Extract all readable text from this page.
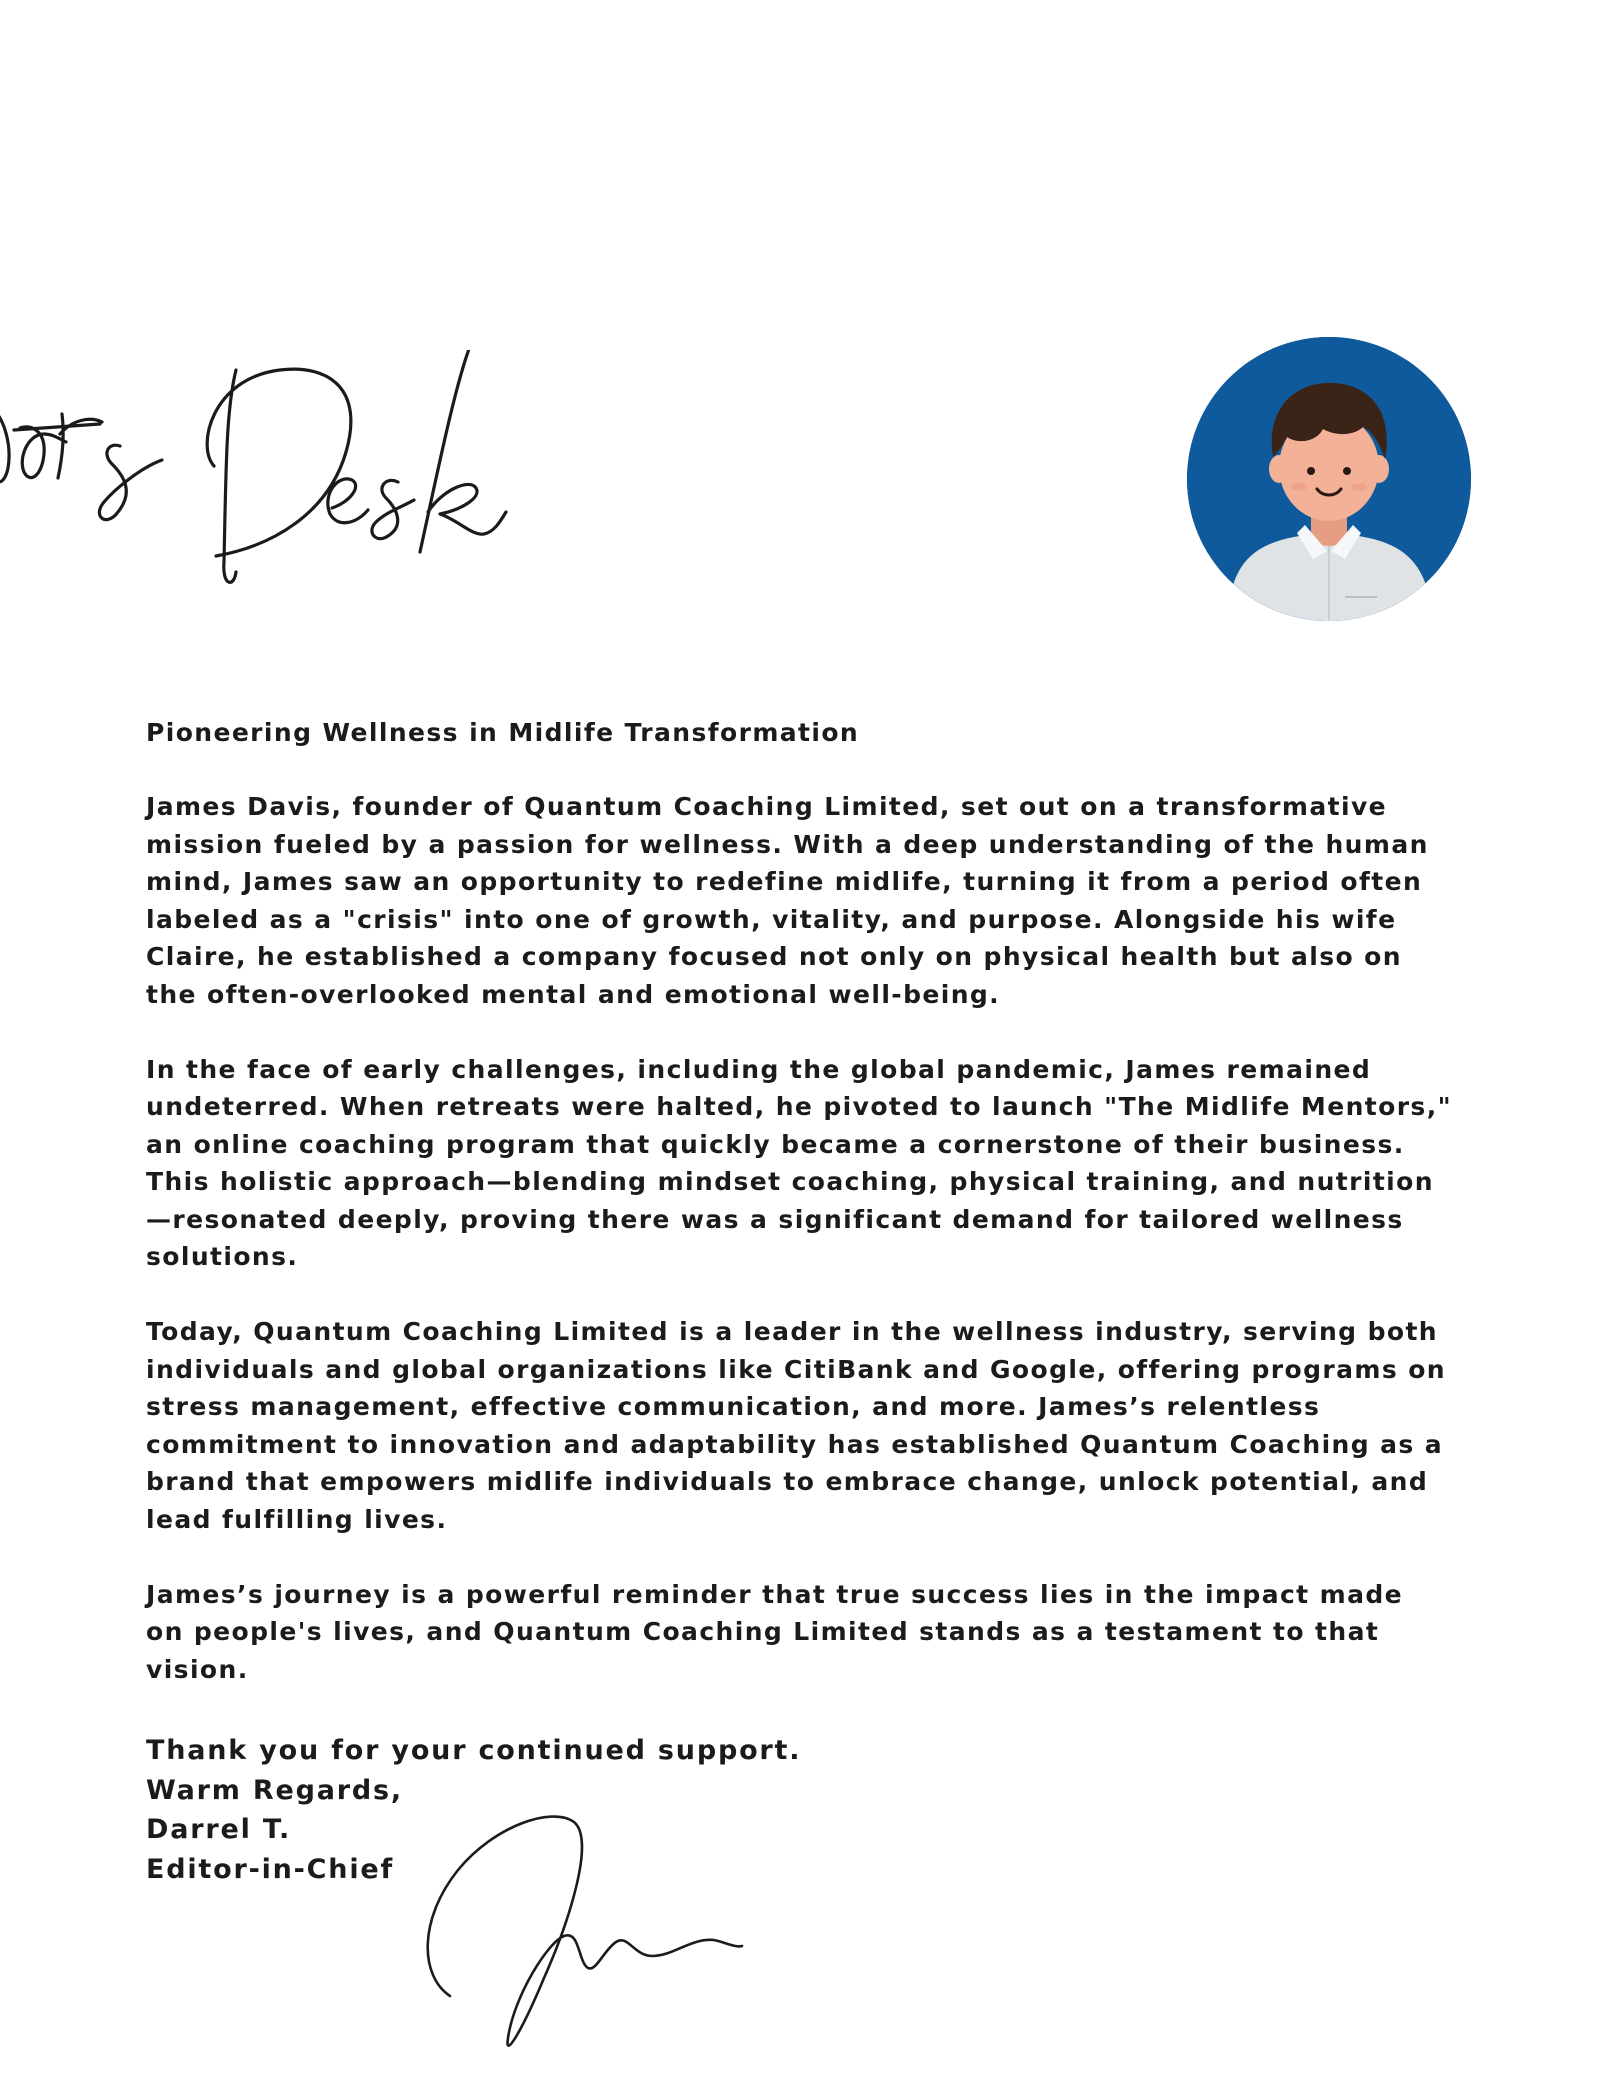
Pioneering Wellness in Midlife Transformation
James Davis, founder of Quantum Coaching Limited, set out on a transformative
mission fueled by a passion for wellness. With a deep understanding of the human
mind, James saw an opportunity to redefine midlife, turning it from a period often
labeled as a "crisis" into one of growth, vitality, and purpose. Alongside his wife
Claire, he established a company focused not only on physical health but also on
the often-overlooked mental and emotional well-being.
In the face of early challenges, including the global pandemic, James remained
undeterred. When retreats were halted, he pivoted to launch "The Midlife Mentors,"
an online coaching program that quickly became a cornerstone of their business.
This holistic approach—blending mindset coaching, physical training, and nutrition
—resonated deeply, proving there was a significant demand for tailored wellness
solutions.
Today, Quantum Coaching Limited is a leader in the wellness industry, serving both
individuals and global organizations like CitiBank and Google, offering programs on
stress management, effective communication, and more. James’s relentless
commitment to innovation and adaptability has established Quantum Coaching as a
brand that empowers midlife individuals to embrace change, unlock potential, and
lead fulfilling lives.
James’s journey is a powerful reminder that true success lies in the impact made
on people's lives, and Quantum Coaching Limited stands as a testament to that
vision.
Thank you for your continued support.
Warm Regards,
Darrel T.
Editor-in-Chief
